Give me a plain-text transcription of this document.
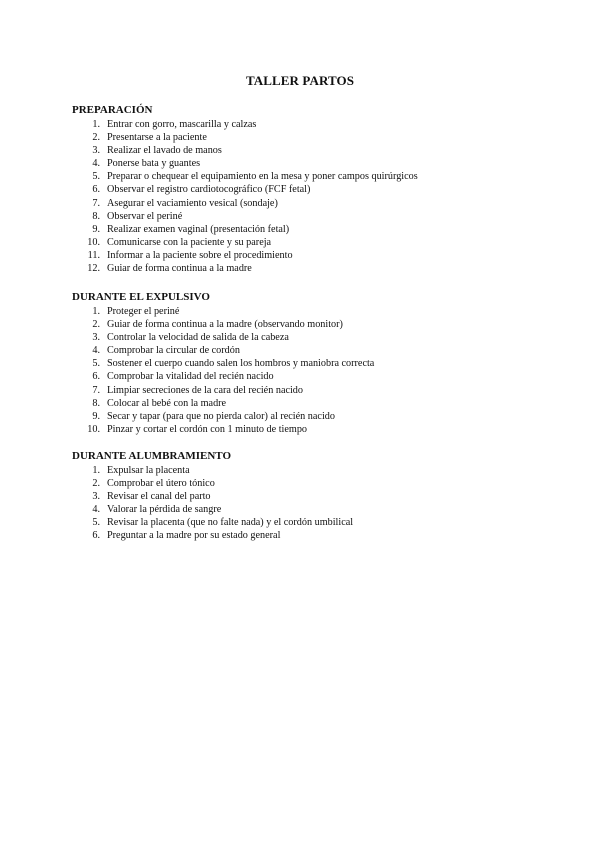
TALLER PARTOS
PREPARACIÓN
1. Entrar con gorro, mascarilla y calzas
2. Presentarse a la paciente
3. Realizar el lavado de manos
4. Ponerse bata y guantes
5. Preparar o chequear el equipamiento en la mesa y poner campos quirúrgicos
6. Observar el registro cardiotocográfico (FCF fetal)
7. Asegurar el vaciamiento vesical (sondaje)
8. Observar el periné
9. Realizar examen vaginal (presentación fetal)
10. Comunicarse con la paciente y su pareja
11. Informar a la paciente sobre el procedimiento
12. Guiar de forma continua a la madre
DURANTE EL EXPULSIVO
1. Proteger el periné
2. Guiar de forma continua a la madre (observando monitor)
3. Controlar la velocidad de salida de la cabeza
4. Comprobar la circular de cordón
5. Sostener el cuerpo cuando salen los hombros y maniobra correcta
6. Comprobar la vitalidad del recién nacido
7. Limpiar secreciones de la cara del recién nacido
8. Colocar al bebé con la madre
9. Secar y tapar (para que no pierda calor) al recién nacido
10. Pinzar y cortar el cordón con 1 minuto de tiempo
DURANTE ALUMBRAMIENTO
1. Expulsar la placenta
2. Comprobar el útero tónico
3. Revisar el canal del parto
4. Valorar la pérdida de sangre
5. Revisar la placenta (que no falte nada) y el cordón umbilical
6. Preguntar a la madre por su estado general
